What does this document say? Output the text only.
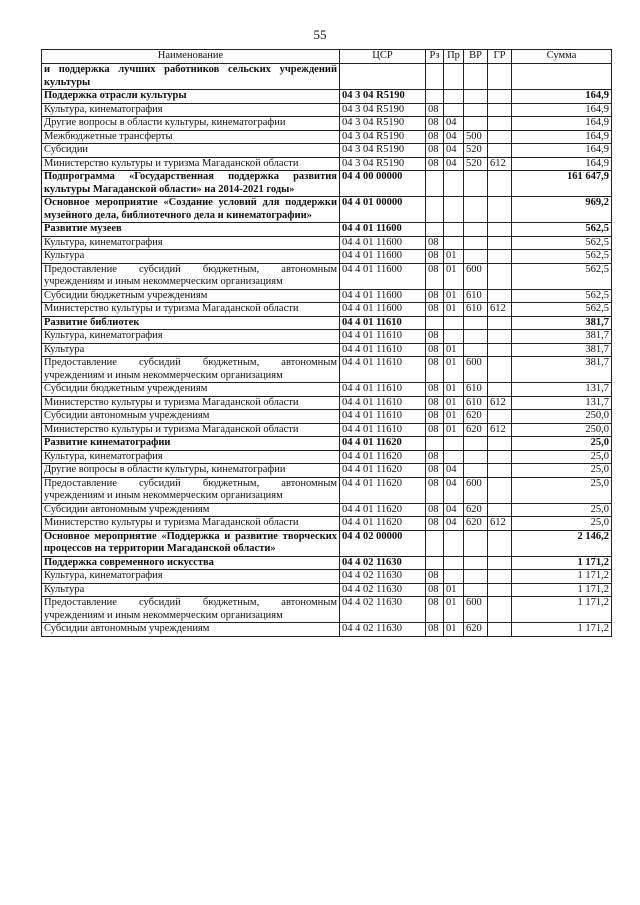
55
Наименование	ЦСР	Рз	Пр	ВР	ГР	Сумма
и поддержка лучших работников сельских учреждений культуры						
Поддержка отрасли культуры	04 3 04 R5190					164,9
Культура, кинематография	04 3 04 R5190	08				164,9
Другие вопросы в области культуры, кинематографии	04 3 04 R5190	08	04			164,9
Межбюджетные трансферты	04 3 04 R5190	08	04	500		164,9
Субсидии	04 3 04 R5190	08	04	520		164,9
Министерство культуры и туризма Магаданской области	04 3 04 R5190	08	04	520	612	164,9
Подпрограмма «Государственная поддержка развития культуры Магаданской области» на 2014-2021 годы»	04 4 00 00000					161 647,9
Основное мероприятие «Создание условий для поддержки музейного дела, библиотечного дела и кинематографии»	04 4 01 00000					969,2
Развитие музеев	04 4 01 11600					562,5
Культура, кинематография	04 4 01 11600	08				562,5
Культура	04 4 01 11600	08	01			562,5
Предоставление субсидий бюджетным, автономным учреждениям и иным некоммерческим организациям	04 4 01 11600	08	01	600		562,5
Субсидии бюджетным учреждениям	04 4 01 11600	08	01	610		562,5
Министерство культуры и туризма Магаданской области	04 4 01 11600	08	01	610	612	562,5
Развитие библиотек	04 4 01 11610					381,7
Культура, кинематография	04 4 01 11610	08				381,7
Культура	04 4 01 11610	08	01			381,7
Предоставление субсидий бюджетным, автономным учреждениям и иным некоммерческим организациям	04 4 01 11610	08	01	600		381,7
Субсидии бюджетным учреждениям	04 4 01 11610	08	01	610		131,7
Министерство культуры и туризма Магаданской области	04 4 01 11610	08	01	610	612	131,7
Субсидии автономным учреждениям	04 4 01 11610	08	01	620		250,0
Министерство культуры и туризма Магаданской области	04 4 01 11610	08	01	620	612	250,0
Развитие кинематографии	04 4 01 11620					25,0
Культура, кинематография	04 4 01 11620	08				25,0
Другие вопросы в области культуры, кинематографии	04 4 01 11620	08	04			25,0
Предоставление субсидий бюджетным, автономным учреждениям и иным некоммерческим организациям	04 4 01 11620	08	04	600		25,0
Субсидии автономным учреждениям	04 4 01 11620	08	04	620		25,0
Министерство культуры и туризма Магаданской области	04 4 01 11620	08	04	620	612	25,0
Основное мероприятие «Поддержка и развитие творческих процессов на территории Магаданской области»	04 4 02 00000					2 146,2
Поддержка современного искусства	04 4 02 11630					1 171,2
Культура, кинематография	04 4 02 11630	08				1 171,2
Культура	04 4 02 11630	08	01			1 171,2
Предоставление субсидий бюджетным, автономным учреждениям и иным некоммерческим организациям	04 4 02 11630	08	01	600		1 171,2
Субсидии автономным учреждениям	04 4 02 11630	08	01	620		1 171,2
